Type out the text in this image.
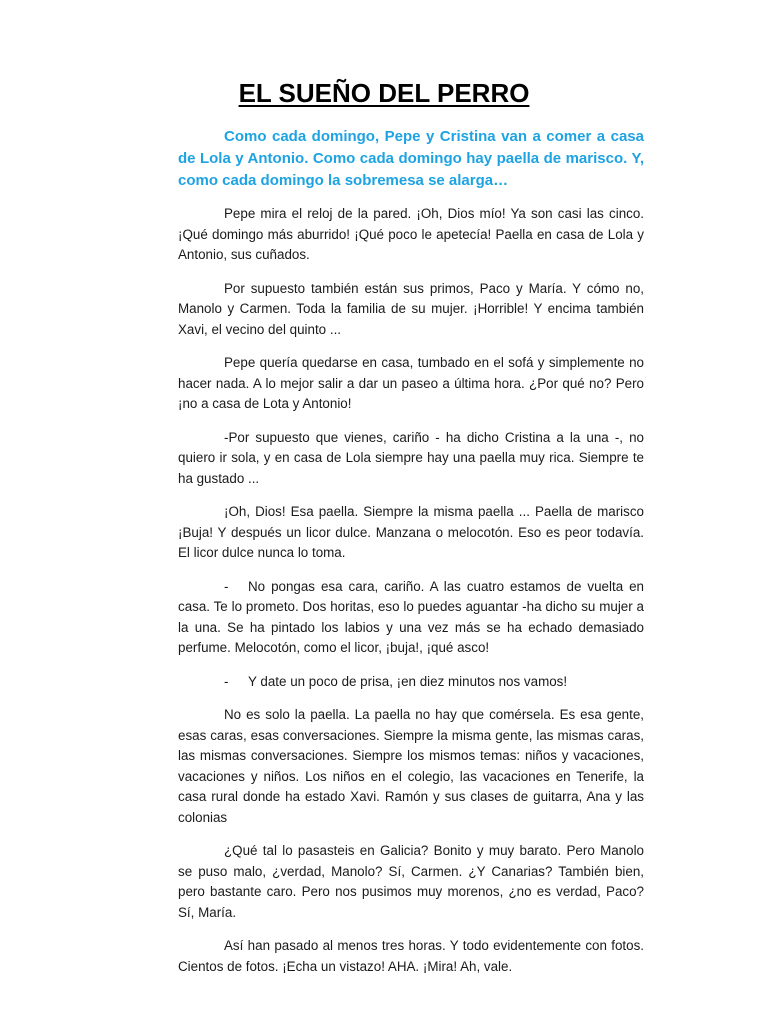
EL SUEÑO DEL PERRO
Como cada domingo, Pepe y Cristina van a comer a casa de Lola y Antonio. Como cada domingo hay paella de marisco. Y, como cada domingo la sobremesa se alarga…

Pepe mira el reloj de la pared. ¡Oh, Dios mío! Ya son casi las cinco. ¡Qué domingo más aburrido! ¡Qué poco le apetecía! Paella en casa de Lola y Antonio, sus cuñados.

Por supuesto también están sus primos, Paco y María. Y cómo no, Manolo y Carmen. Toda la familia de su mujer. ¡Horrible! Y encima también Xavi, el vecino del quinto ...

Pepe quería quedarse en casa, tumbado en el sofá y simplemente no hacer nada. A lo mejor salir a dar un paseo a última hora. ¿Por qué no? Pero ¡no a casa de Lota y Antonio!

-Por supuesto que vienes, cariño - ha dicho Cristina a la una -, no quiero ir sola, y en casa de Lola siempre hay una paella muy rica. Siempre te ha gustado ...

¡Oh, Dios! Esa paella. Siempre la misma paella ... Paella de marisco ¡Buja! Y después un licor dulce. Manzana o melocotón. Eso es peor todavía. El licor dulce nunca lo toma.

- No pongas esa cara, cariño. A las cuatro estamos de vuelta en casa. Te lo prometo. Dos horitas, eso lo puedes aguantar -ha dicho su mujer a la una. Se ha pintado los labios y una vez más se ha echado demasiado perfume. Melocotón, como el licor, ¡buja!, ¡qué asco!

- Y date un poco de prisa, ¡en diez minutos nos vamos!

No es solo la paella. La paella no hay que comérsela. Es esa gente, esas caras, esas conversaciones. Siempre la misma gente, las mismas caras, las mismas conversaciones. Siempre los mismos temas: niños y vacaciones, vacaciones y niños. Los niños en el colegio, las vacaciones en Tenerife, la casa rural donde ha estado Xavi. Ramón y sus clases de guitarra, Ana y las colonias

¿Qué tal lo pasasteis en Galicia? Bonito y muy barato. Pero Manolo se puso malo, ¿verdad, Manolo? Sí, Carmen. ¿Y Canarias? También bien, pero bastante caro. Pero nos pusimos muy morenos, ¿no es verdad, Paco? Sí, María.

Así han pasado al menos tres horas. Y todo evidentemente con fotos. Cientos de fotos. ¡Echa un vistazo! AHA. ¡Mira! Ah, vale.
